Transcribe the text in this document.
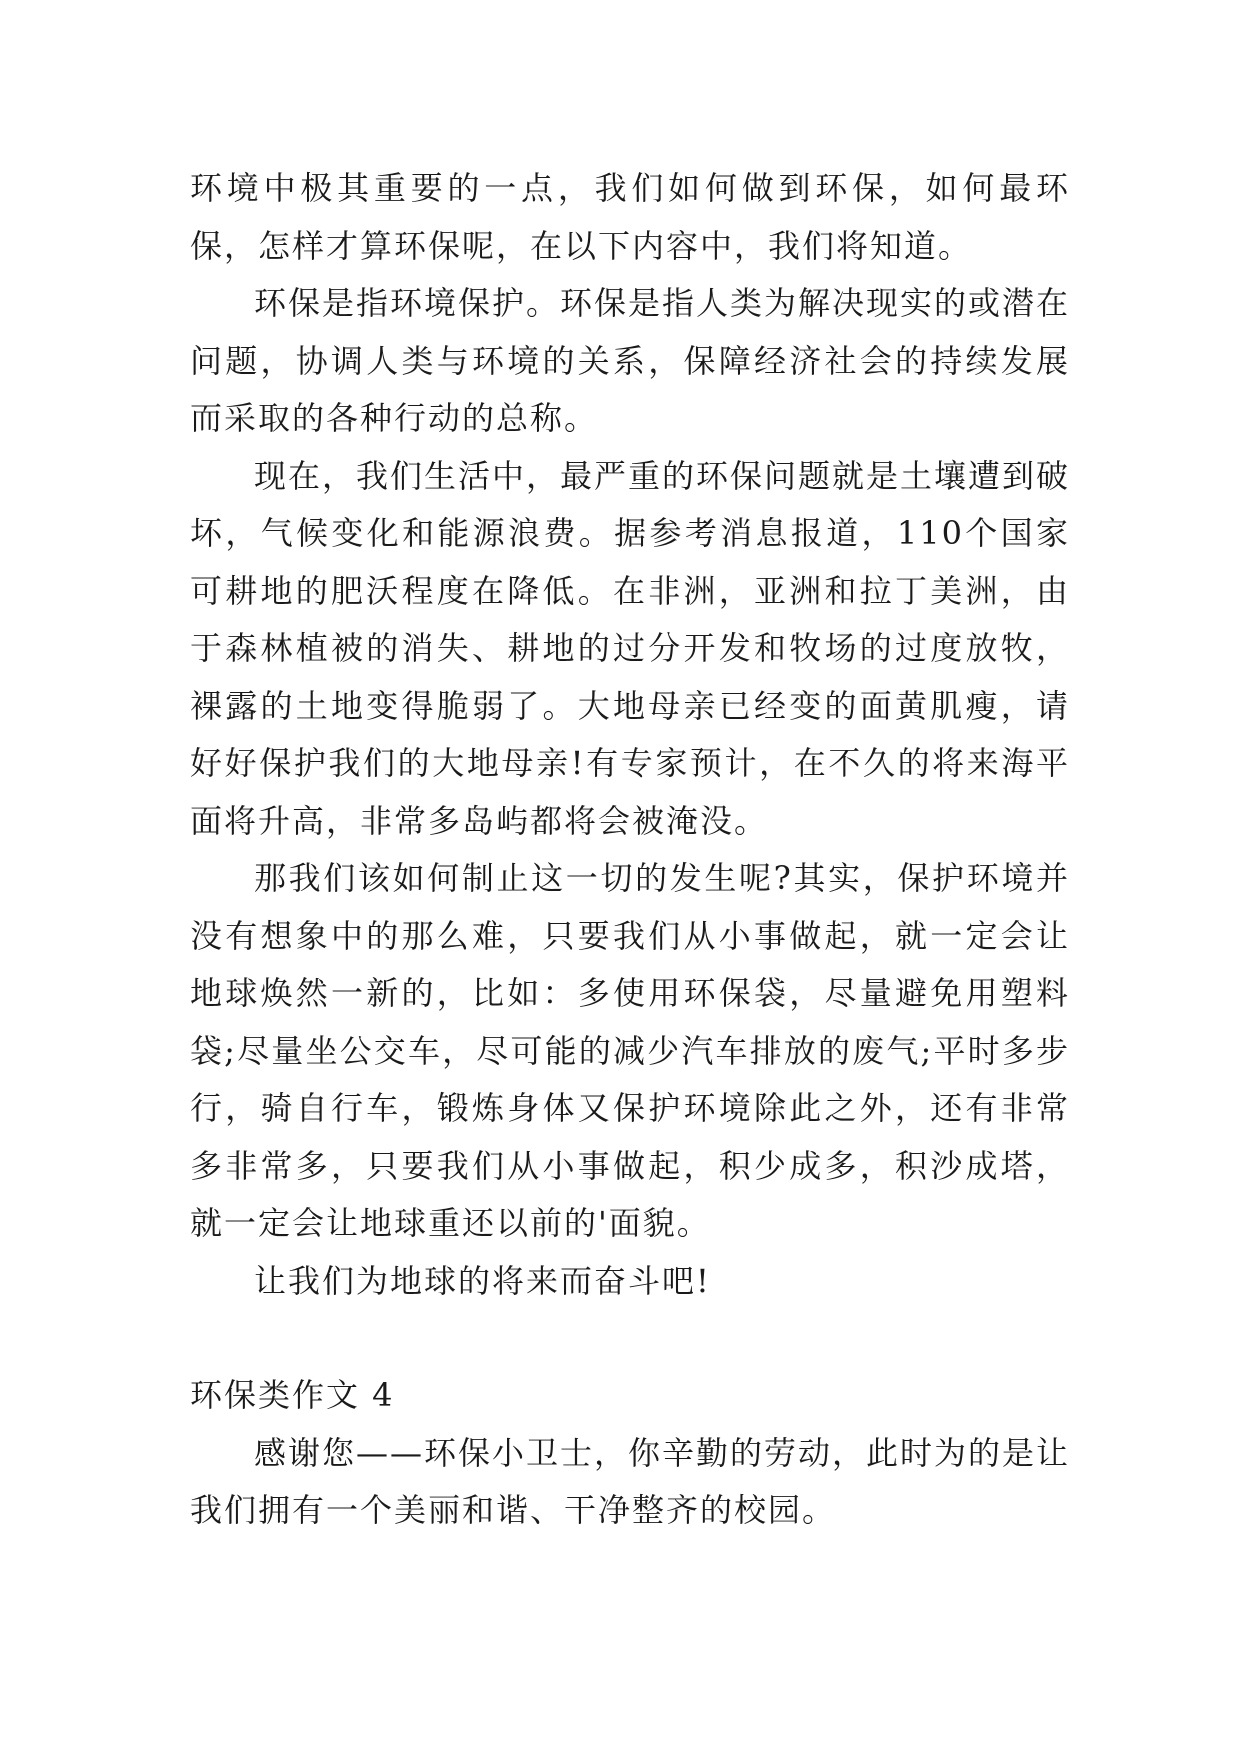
环境中极其重要的一点，我们如何做到环保，如何最环保，怎样才算环保呢，在以下内容中，我们将知道。

环保是指环境保护。环保是指人类为解决现实的或潜在问题，协调人类与环境的关系，保障经济社会的持续发展而采取的各种行动的总称。

现在，我们生活中，最严重的环保问题就是土壤遭到破坏，气候变化和能源浪费。据参考消息报道，110个国家可耕地的肥沃程度在降低。在非洲，亚洲和拉丁美洲，由于森林植被的消失、耕地的过分开发和牧场的过度放牧，裸露的土地变得脆弱了。大地母亲已经变的面黄肌瘦，请好好保护我们的大地母亲!有专家预计，在不久的将来海平面将升高，非常多岛屿都将会被淹没。

那我们该如何制止这一切的发生呢?其实，保护环境并没有想象中的那么难，只要我们从小事做起，就一定会让地球焕然一新的，比如：多使用环保袋，尽量避免用塑料袋;尽量坐公交车，尽可能的减少汽车排放的废气;平时多步行，骑自行车，锻炼身体又保护环境除此之外，还有非常多非常多，只要我们从小事做起，积少成多，积沙成塔，就一定会让地球重还以前的'面貌。

让我们为地球的将来而奋斗吧!

环保类作文 4

感谢您——环保小卫士，你辛勤的劳动，此时为的是让我们拥有一个美丽和谐、干净整齐的校园。
